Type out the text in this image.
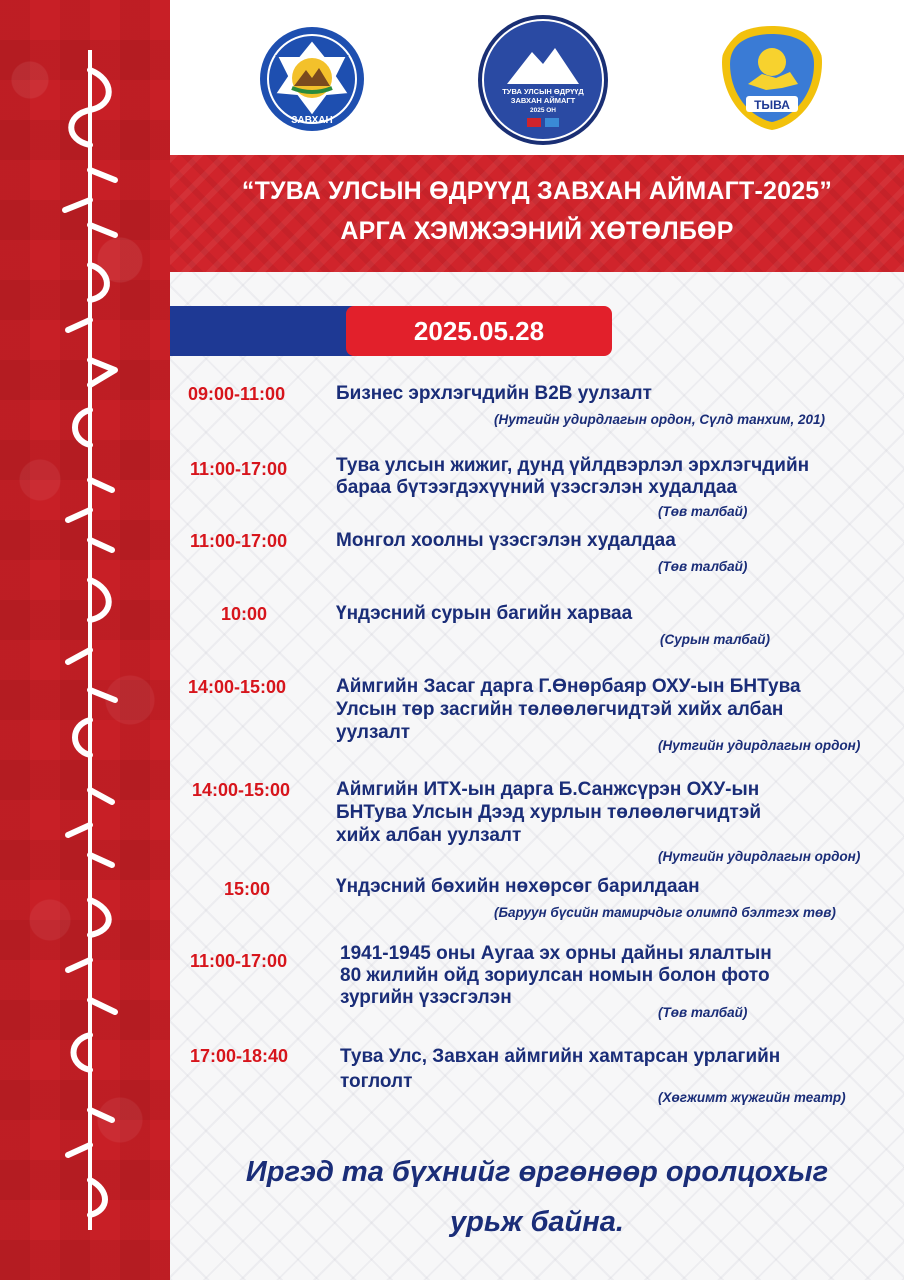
ЗАВХАН
ТУВА УЛСЫН ӨДРҮҮД
ЗАВХАН АЙМАГТ
2025 ОН	ТЫВА
“ТУВА УЛСЫН ӨДРҮҮД ЗАВХАН АЙМАГТ-2025”
АРГА ХЭМЖЭЭНИЙ ХӨТӨЛБӨР
2025.05.28
09:00-11:00	Бизнес эрхлэгчдийн B2B уулзалт
(Нутгийн удирдлагын ордон, Сүлд танхим, 201)
11:00-17:00	Тува улсын жижиг, дунд үйлдвэрлэл эрхлэгчдийн
бараа бүтээгдэхүүний үзэсгэлэн худалдаа
(Төв талбай)
11:00-17:00	Монгол хоолны үзэсгэлэн худалдаа
(Төв талбай)
10:00	Үндэсний сурын багийн харваа
(Сурын талбай)
14:00-15:00	Аймгийн Засаг дарга Г.Өнөрбаяр ОХУ-ын БНТува
Улсын төр засгийн төлөөлөгчидтэй хийх албан
уулзалт
(Нутгийн удирдлагын ордон)
14:00-15:00 Аймгийн ИТХ-ын дарга Б.Санжсүрэн ОХУ-ын
БНТува Улсын Дээд хурлын төлөөлөгчидтэй
хийх албан уулзалт
(Нутгийн удирдлагын ордон)
15:00	Үндэсний бөхийн нөхөрсөг барилдаан
(Баруун бүсийн тамирчдыг олимпд бэлтгэх төв)
11:00-17:00	1941-1945 оны Аугаа эх орны дайны ялалтын
80 жилийн ойд зориулсан номын болон фото
зургийн үзэсгэлэн
(Төв талбай)
17:00-18:40	Тува Улс, Завхан аймгийн хамтарсан урлагийн
тоглолт
(Хөгжимт жүжгийн театр)
Иргэд та бүхнийг өргөнөөр оролцохыг
урьж байна.
